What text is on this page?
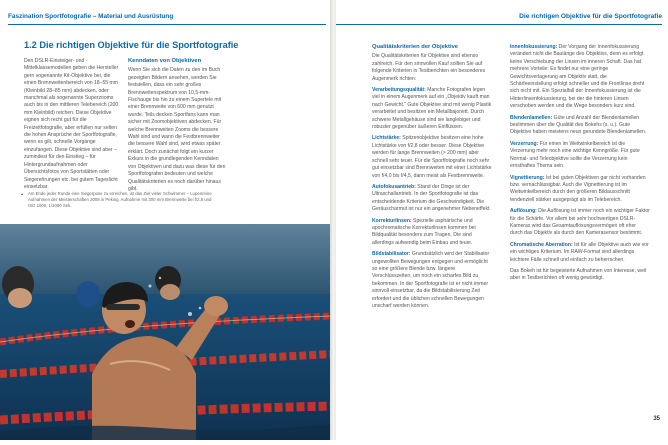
Faszination Sportfotografie – Material und Ausrüstung
1.2 Die richtigen Objektive für die Sportfotografie

Den DSLR-Einsteiger- und -Mittelklassemodellen geben die Hersteller gern sogenannte Kit-Objektive bei, die einen Brennweitenbereich von 18–55 mm (Kleinbild 28–85 mm) abdecken, oder manchmal als sogenannte Superzooms auch bis in den mittleren Telebereich (200 mm Kleinbild) reichen. Diese Objektive eignen sich recht gut für die Freizeitfotografie, aber erfüllen nur selten die hohen Ansprüche der Sportfotografie, wenn es gilt, schnelle Vorgänge einzufangen. Diese Objektive sind aber – zumindest für den Einstieg – für Hintergrundaufnahmen oder Übersichtsfotos von Sportstätten oder Siegerehrungen etc. bei gutem Tageslicht einsetzbar.

Kenndaten von Objektiven

Wenn Sie sich die Daten zu den im Buch gezeigten Bildern ansehen, werden Sie feststellen, dass ein sehr großes Brennweitenspektrum von 10,5-mm-Fischauge bis hin zu einem Supertele mit einer Brennweite von 600 mm genutzt wurde. Teils decken Sportfans kann man sicher mit Zoomobjektiven abdecken. Für welche Brennweiten Zooms die bessere Wahl sind und wann die Festbrennweiter die bessere Wahl sind, wird etwas später erklärt. Doch zunächst folgt ein kurzer Exkurs in die grundlegenden Kenndaten von Objektiven und dazu was diese für den Sportfotografen bedeuten und welche Qualitätskriterien es noch darüber hinaus gibt.

▴ Am Ende jeder Runde eine Siegerpose zu erreichen, ist das Ziel vieler Schwimmer – Lupenreine Aufnahmen der Meisterschaften 2008 in Peking. Aufnahme mit 300 mm Brennweite bei f/2,8 und ISO 1000, 1/1000 Sek.
Die richtigen Objektive für die Sportfotografie
Qualitätskriterien der Objektive

Die Qualitätskriterien für Objektive sind ebenso zahlreich. Für den sinnvollen Kauf sollten Sie auf folgende Kriterien in Testberichten ein besonderes Augenmerk richten:

Verarbeitungsqualität: Manche Fotografen legen viel in einem Augenmerk auf ein „Objektiv kauft man nach Gewicht.“ Gute Objektive sind mit wenig Plastik verarbeitet und besitzen ein Metallbajonett. Durch schwere Metallgehäuse sind sie langlebiger und robuster gegenüber äußeren Einflüssen.

Lichtstärke: Spitzenobjektive besitzen eine hohe Lichtstärke von f/2,8 oder besser. Diese Objektive werden für lange Brennweiten (> 200 mm) aber schnell sehr teuer. Für die Sportfotografie noch sehr gut einsetzbar sind Brennweiten mit einer Lichtstärke von f/4,0 bis f/4,5, dann meist als Festbrennweite.

Autofokusantrieb: Stand der Dinge ist der Ultraschallantrieb. In der Sportfotografie ist das entscheidende Kriterium die Geschwindigkeit. Die Geräuscharmut ist nur ein angenehmer Nebeneffekt.

Korrekturlinsen: Spezielle asphärische und apochromatische Korrekturlinsen kommen bei Bildqualität besonders zum Tragen. Die sind allerdings aufwendig beim Einbau und teuer.

Bildstabilisator: Grundsätzlich wird der Stabilisator ungewollten Bewegungen entgegen und ermöglicht so eine größere Blende bzw. längere Verschlusszeiten, um noch ein scharfes Bild zu bekommen. In der Sportfotografie ist er nicht immer sinnvoll einsetzbar, da die Bildstabilisierung Zeit erfordert und die üblichen schnellen Bewegungen unscharf werden können.

Innenfokussierung: Der Vorgang der Innenfokussierung verändert nicht die Baulänge des Objektivs, denn es erfolgt keine Verschiebung der Linsen im inneren Schaft. Das hat mehrere Vorteile: Es findet nur eine geringe Gewichtsverlagerung am Objektiv statt, die Schärfeeinstellung erfolgt schneller und die Frontlinse dreht sich nicht mit. Ein Spezialfall der Innenfokussierung ist die Hinterlinsenfokussierung, bei der die hinteren Linsen verschoben werden und die Wege besonders kurz sind.

Blendenlamellen: Güte und Anzahl der Blendenlamellen bestimmen über die Qualität des Bokehs (s. u.). Gute Objektive haben meistens neun gerundete Blendenlamellen.

Verzerrung: Für einen im Weitwinkelbereich ist die Verzerrung mehr noch eine wichtige Kenngröße. Für gute Normal- und Teleobjektive sollte die Verzerrung kein ernsthaftes Thema sein.

Vignettierung: Ist bei guten Objektiven gar nicht vorhanden bzw. vernachlässigbar. Auch die Vignettierung ist im Weitwinkelbereich durch den größeren Bildausschnitt tendenziell stärker ausgeprägt als im Telebereich.

Auflösung: Die Auflösung ist immer noch ein wichtiger Faktor für die Schärfe. Vor allem bei sehr hochwertigen DSLR-Kameras wird das Gesamtauflösungsvermögen oft eher durch das Objektiv als durch den Kamerasensor bestimmt.

Chromatische Aberration: Ist für alle Objektive auch wie vor ein wichtiges Kriterium. Im RAW-Format sind allerdings leichtere Fälle schnell und einfach zu beherrschen.

Das Bokeh ist für begeisterte Aufnahmen von Interesse, weil aber in Testberichten oft wenig gewürdigt.

35
